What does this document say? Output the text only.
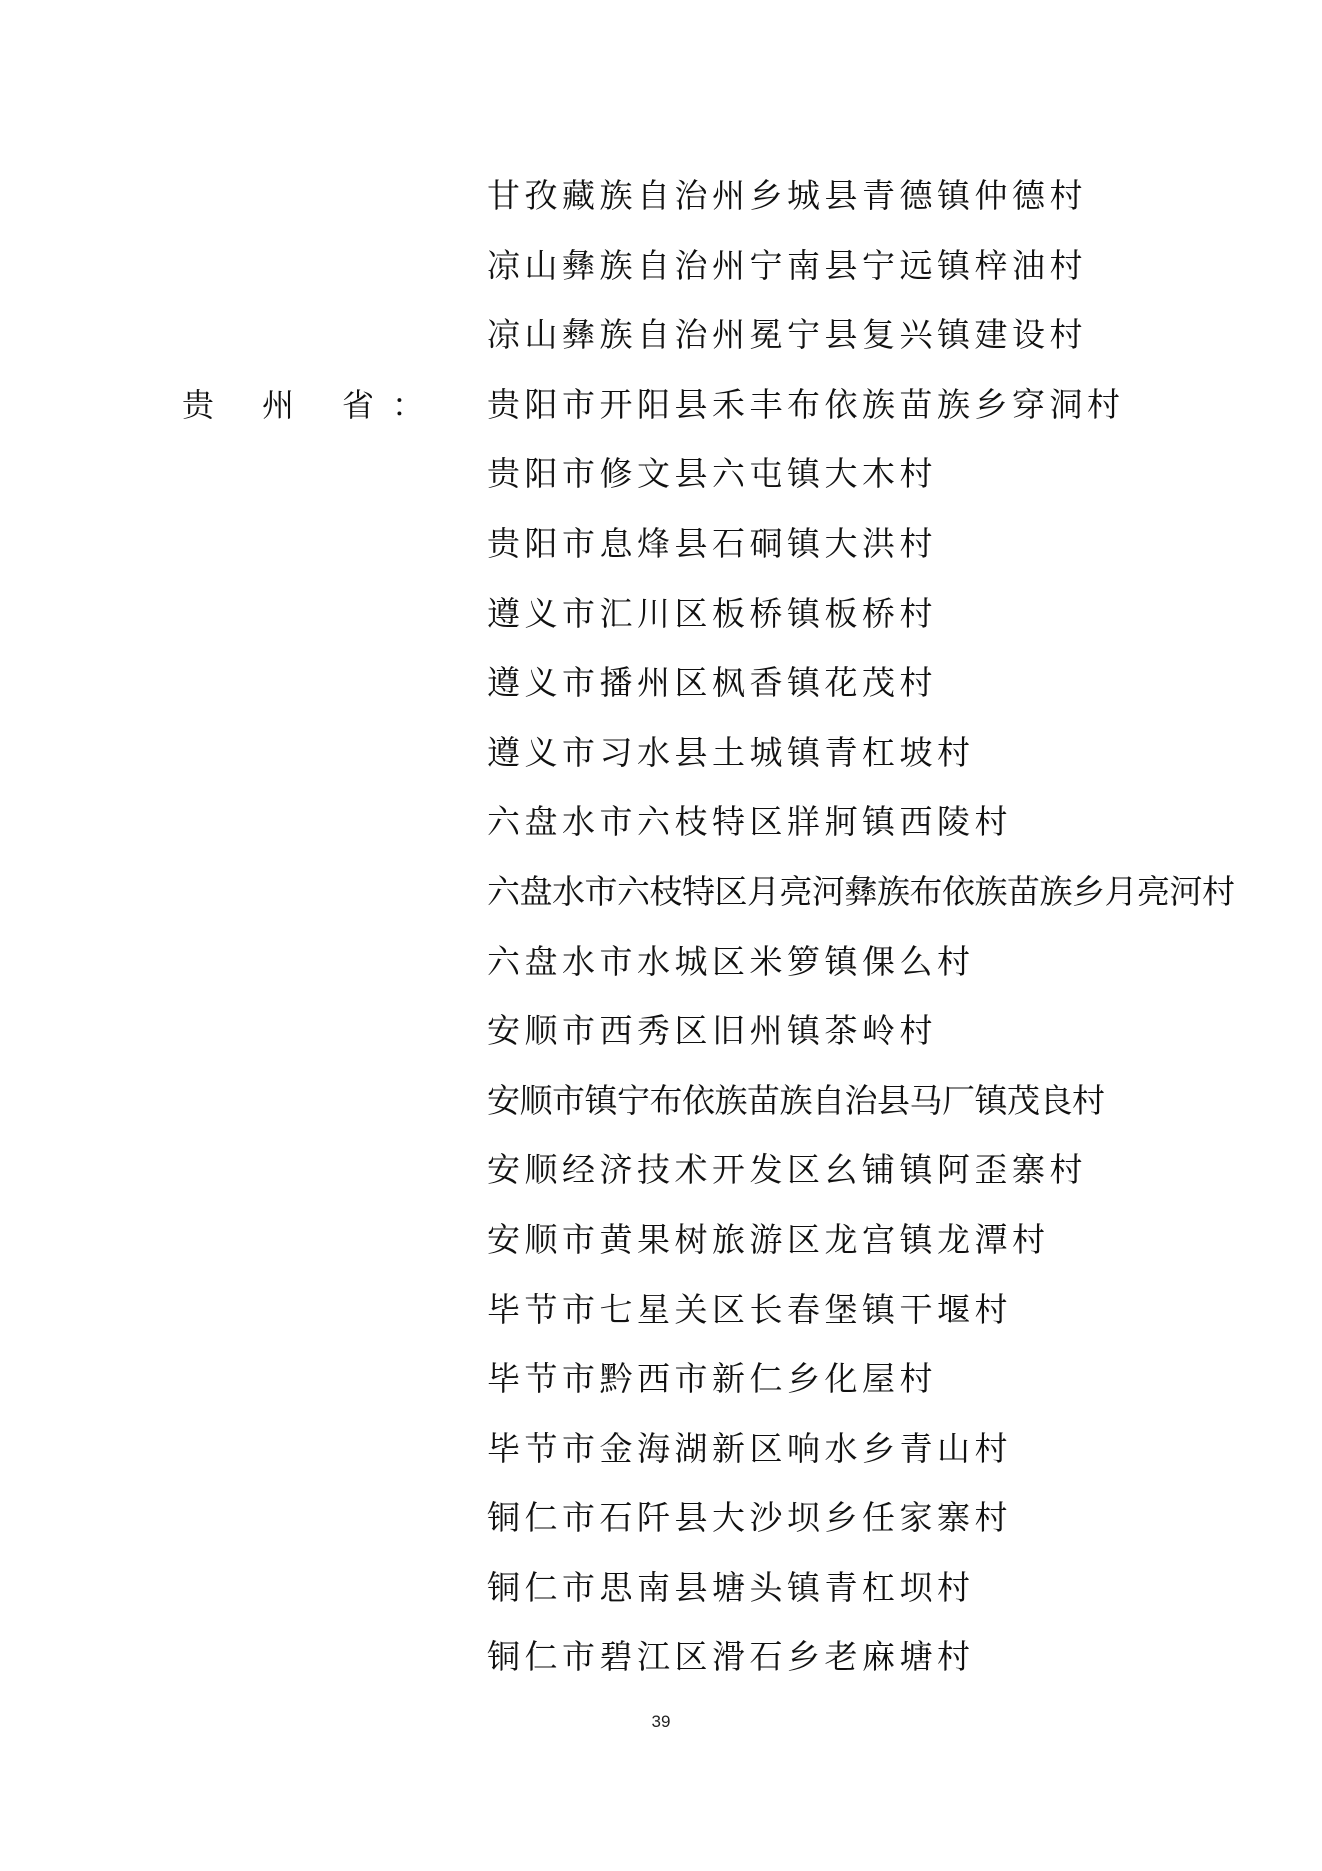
贵 州 省 ：
甘孜藏族自治州乡城县青德镇仲德村
凉山彝族自治州宁南县宁远镇梓油村
凉山彝族自治州冕宁县复兴镇建设村
贵阳市开阳县禾丰布依族苗族乡穿洞村
贵阳市修文县六屯镇大木村
贵阳市息烽县石硐镇大洪村
遵义市汇川区板桥镇板桥村
遵义市播州区枫香镇花茂村
遵义市习水县土城镇青杠坡村
六盘水市六枝特区牂牁镇西陵村
六盘水市六枝特区月亮河彝族布依族苗族乡月亮河村
六盘水市水城区米箩镇倮么村
安顺市西秀区旧州镇茶岭村
安顺市镇宁布依族苗族自治县马厂镇茂良村
安顺经济技术开发区幺铺镇阿歪寨村
安顺市黄果树旅游区龙宫镇龙潭村
毕节市七星关区长春堡镇干堰村
毕节市黔西市新仁乡化屋村
毕节市金海湖新区响水乡青山村
铜仁市石阡县大沙坝乡任家寨村
铜仁市思南县塘头镇青杠坝村
铜仁市碧江区滑石乡老麻塘村
39
